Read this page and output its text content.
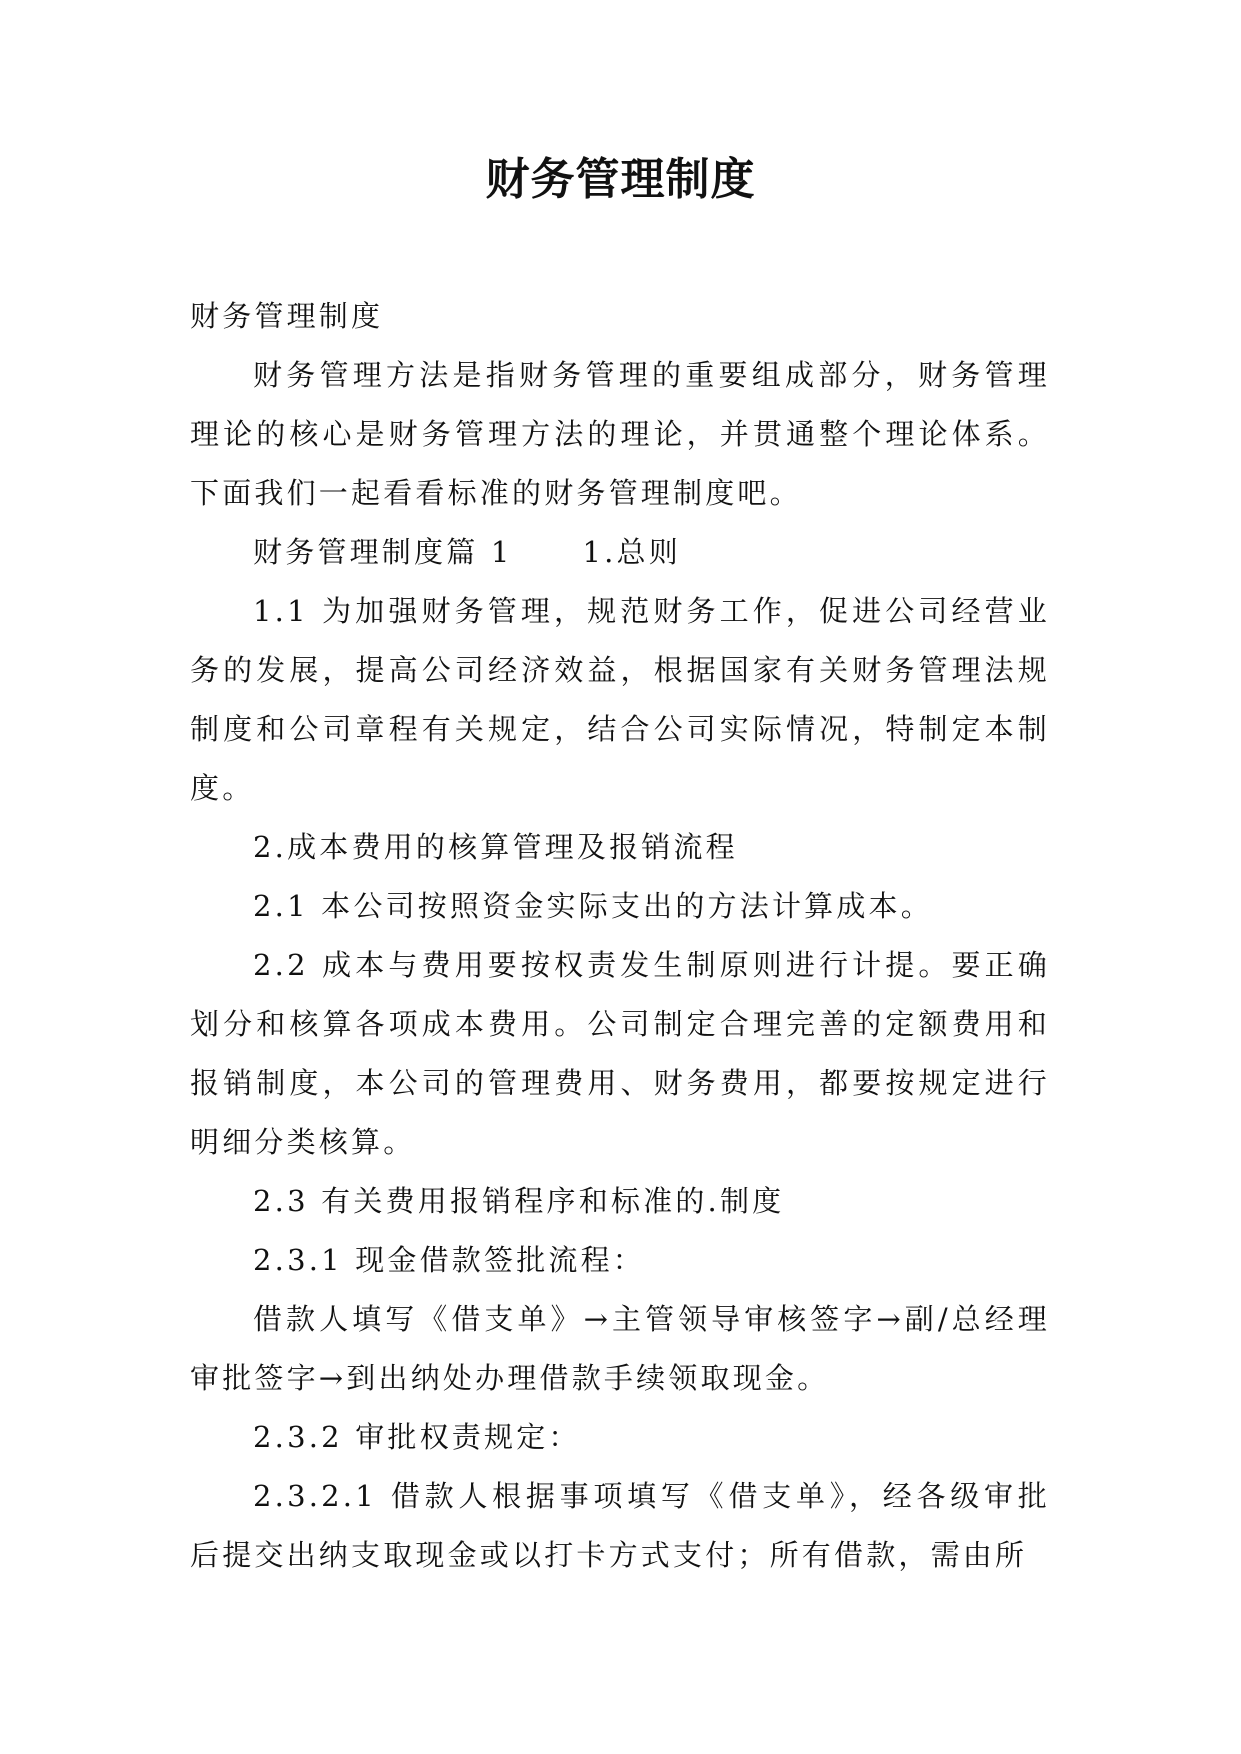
财务管理制度

财务管理制度

财务管理方法是指财务管理的重要组成部分，财务管理理论的核心是财务管理方法的理论，并贯通整个理论体系。下面我们一起看看标准的财务管理制度吧。

财务管理制度篇 1 1.总则

1.1 为加强财务管理，规范财务工作，促进公司经营业务的发展，提高公司经济效益，根据国家有关财务管理法规制度和公司章程有关规定，结合公司实际情况，特制定本制度。

2.成本费用的核算管理及报销流程

2.1 本公司按照资金实际支出的方法计算成本。

2.2 成本与费用要按权责发生制原则进行计提。要正确划分和核算各项成本费用。公司制定合理完善的定额费用和报销制度，本公司的管理费用、财务费用，都要按规定进行明细分类核算。

2.3 有关费用报销程序和标准的.制度

2.3.1 现金借款签批流程：

借款人填写《借支单》→主管领导审核签字→副/总经理审批签字→到出纳处办理借款手续领取现金。

2.3.2 审批权责规定：

2.3.2.1 借款人根据事项填写《借支单》，经各级审批后提交出纳支取现金或以打卡方式支付；所有借款，需由所
